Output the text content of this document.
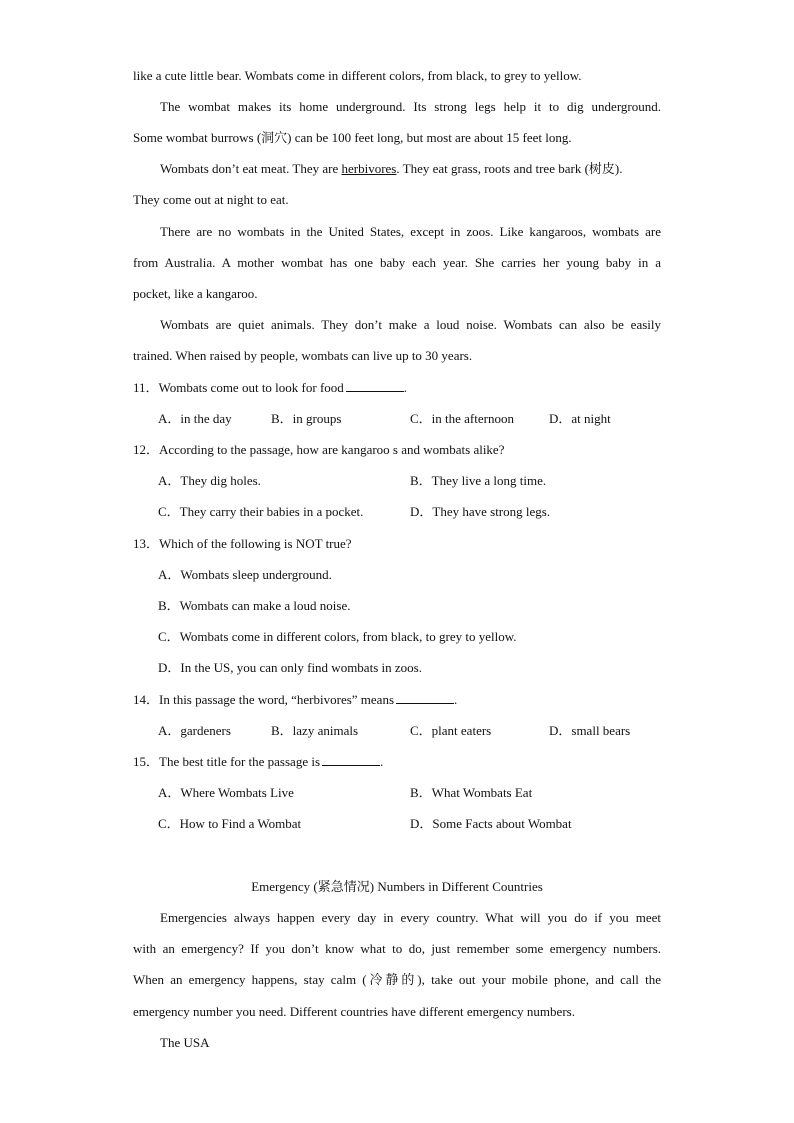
like a cute little bear. Wombats come in different colors, from black, to grey to yellow.
The wombat makes its home underground. Its strong legs help it to dig underground.
Some wombat burrows (洞穴) can be 100 feet long, but most are about 15 feet long.
Wombats don’t eat meat. They are herbivores. They eat grass, roots and tree bark (树皮).
They come out at night to eat.
There are no wombats in the United States, except in zoos. Like kangaroos, wombats are
from Australia. A mother wombat has one baby each year. She carries her young baby in a
pocket, like a kangaroo.
Wombats are quiet animals. They don’t make a loud noise. Wombats can also be easily
trained. When raised by people, wombats can live up to 30 years.
11．Wombats come out to look for food	.
A．in the day	B．in groups	C．in the afternoon	D．at night
12．According to the passage, how are kangaroo s and wombats alike?
A．They dig holes.	B．They live a long time.
C．They carry their babies in a pocket.	D．They have strong legs.
13．Which of the following is NOT true?
A．Wombats sleep underground.
B．Wombats can make a loud noise.
C．Wombats come in different colors, from black, to grey to yellow.
D．In the US, you can only find wombats in zoos.
14．In this passage the word, “herbivores” means	.
A．gardeners	B．lazy animals	C．plant eaters	D．small bears
15．The best title for the passage is	.
A．Where Wombats Live	B．What Wombats Eat
C．How to Find a Wombat	D．Some Facts about Wombat
Emergency (紧急情况) Numbers in Different Countries
Emergencies always happen every day in every country. What will you do if you meet
with an emergency? If you don’t know what to do, just remember some emergency numbers.
When an emergency happens, stay calm (冷静的), take out your mobile phone, and call the
emergency number you need. Different countries have different emergency numbers.
The USA
